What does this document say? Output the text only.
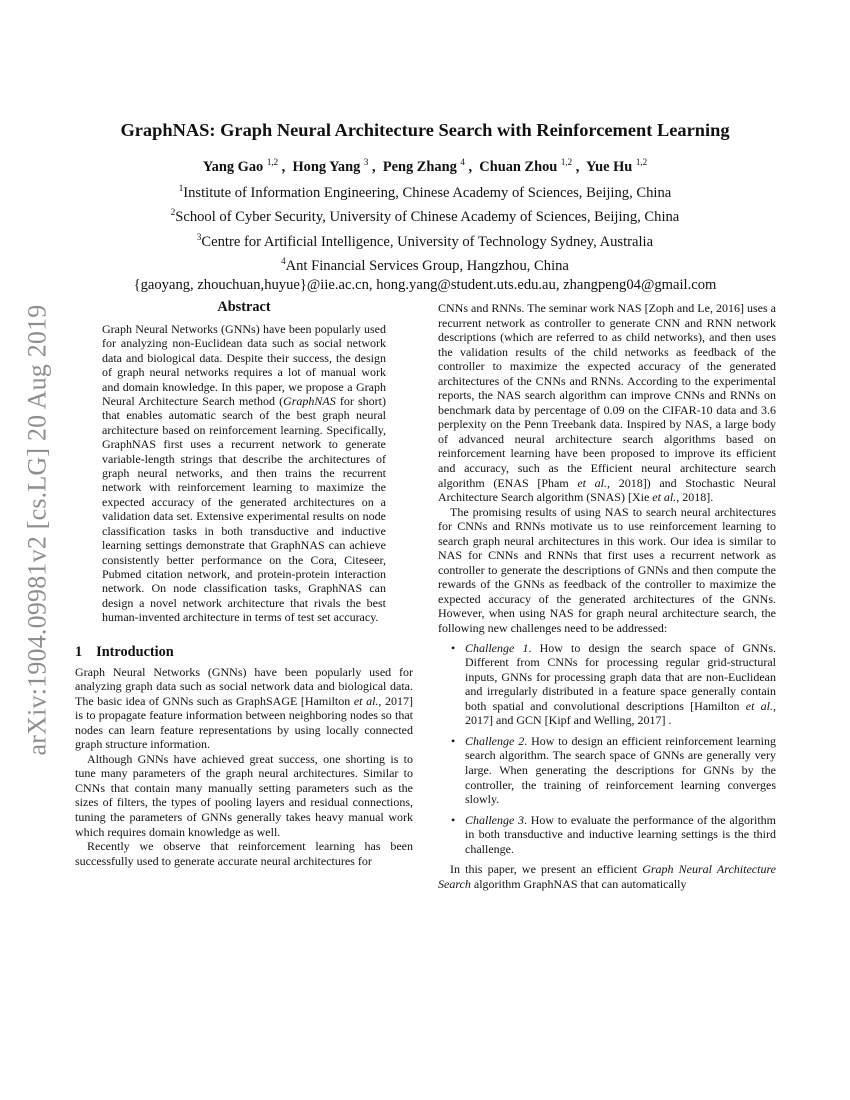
arXiv:1904.09981v2 [cs.LG] 20 Aug 2019
GraphNAS: Graph Neural Architecture Search with Reinforcement Learning
Yang Gao $^{1,2}$ ,  Hong Yang $^3$ ,  Peng Zhang $^4$ ,  Chuan Zhou $^{1,2}$ ,  Yue Hu $^{1,2}$
$^1$Institute of Information Engineering, Chinese Academy of Sciences, Beijing, China
$^2$School of Cyber Security, University of Chinese Academy of Sciences, Beijing, China
$^3$Centre for Artificial Intelligence, University of Technology Sydney, Australia
$^4$Ant Financial Services Group, Hangzhou, China
{gaoyang, zhouchuan,huyue}@iie.ac.cn, hong.yang@student.uts.edu.au, zhangpeng04@gmail.com
Abstract

Graph Neural Networks (GNNs) have been popularly used for analyzing non-Euclidean data such as social network data and biological data. Despite their success, the design of graph neural networks requires a lot of manual work and domain knowledge. In this paper, we propose a Graph Neural Architecture Search method (GraphNAS for short) that enables automatic search of the best graph neural architecture based on reinforcement learning. Specifically, GraphNAS first uses a recurrent network to generate variable-length strings that describe the architectures of graph neural networks, and then trains the recurrent network with reinforcement learning to maximize the expected accuracy of the generated architectures on a validation data set. Extensive experimental results on node classification tasks in both transductive and inductive learning settings demonstrate that GraphNAS can achieve consistently better performance on the Cora, Citeseer, Pubmed citation network, and protein-protein interaction network. On node classification tasks, GraphNAS can design a novel network architecture that rivals the best human-invented architecture in terms of test set accuracy.

1 Introduction

Graph Neural Networks (GNNs) have been popularly used for analyzing graph data such as social network data and biological data. The basic idea of GNNs such as GraphSAGE [Hamilton et al., 2017] is to propagate feature information between neighboring nodes so that nodes can learn feature representations by using locally connected graph structure information.

Although GNNs have achieved great success, one shorting is to tune many parameters of the graph neural architectures. Similar to CNNs that contain many manually setting parameters such as the sizes of filters, the types of pooling layers and residual connections, tuning the parameters of GNNs generally takes heavy manual work which requires domain knowledge as well.

Recently we observe that reinforcement learning has been successfully used to generate accurate neural architectures for

CNNs and RNNs. The seminar work NAS [Zoph and Le, 2016] uses a recurrent network as controller to generate CNN and RNN network descriptions (which are referred to as child networks), and then uses the validation results of the child networks as feedback of the controller to maximize the expected accuracy of the generated architectures of the CNNs and RNNs. According to the experimental reports, the NAS search algorithm can improve CNNs and RNNs on benchmark data by percentage of 0.09 on the CIFAR-10 data and 3.6 perplexity on the Penn Treebank data. Inspired by NAS, a large body of advanced neural architecture search algorithms based on reinforcement learning have been proposed to improve its efficient and accuracy, such as the Efficient neural architecture search algorithm (ENAS [Pham et al., 2018]) and Stochastic Neural Architecture Search algorithm (SNAS) [Xie et al., 2018].

The promising results of using NAS to search neural architectures for CNNs and RNNs motivate us to use reinforcement learning to search graph neural architectures in this work. Our idea is similar to NAS for CNNs and RNNs that first uses a recurrent network as controller to generate the descriptions of GNNs and then compute the rewards of the GNNs as feedback of the controller to maximize the expected accuracy of the generated architectures of the GNNs. However, when using NAS for graph neural architecture search, the following new challenges need to be addressed:

• Challenge 1. How to design the search space of GNNs. Different from CNNs for processing regular grid-structural inputs, GNNs for processing graph data that are non-Euclidean and irregularly distributed in a feature space generally contain both spatial and convolutional descriptions [Hamilton et al., 2017] and GCN [Kipf and Welling, 2017] .
• Challenge 2. How to design an efficient reinforcement learning search algorithm. The search space of GNNs are generally very large. When generating the descriptions for GNNs by the controller, the training of reinforcement learning converges slowly.
• Challenge 3. How to evaluate the performance of the algorithm in both transductive and inductive learning settings is the third challenge.

In this paper, we present an efficient Graph Neural Architecture Search algorithm GraphNAS that can automatically
